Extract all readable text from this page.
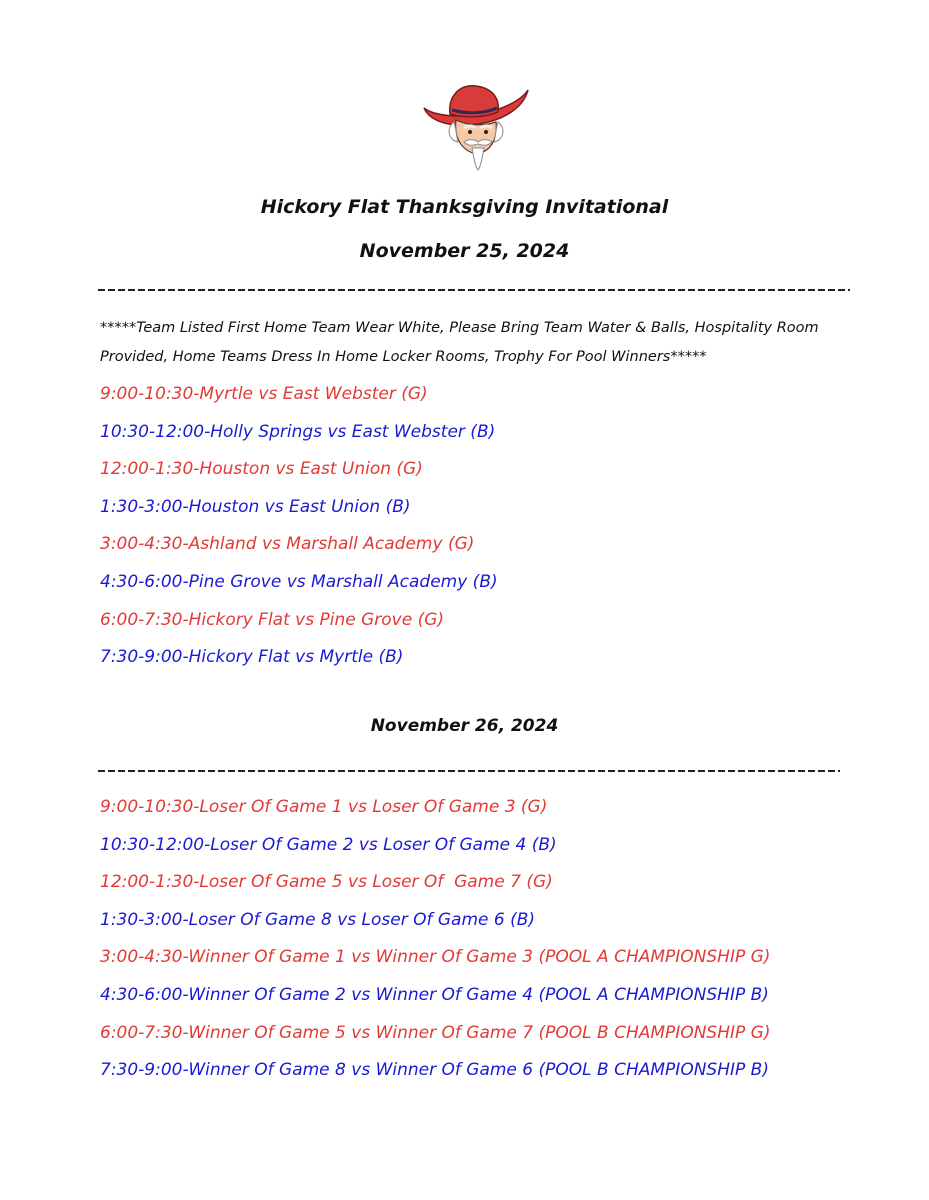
Hickory Flat Thanksgiving Invitational
November 25, 2024
*****Team Listed First Home Team Wear White, Please Bring Team Water & Balls, Hospitality Room Provided, Home Teams Dress In Home Locker Rooms, Trophy For Pool Winners*****
9:00-10:30-Myrtle vs East Webster (G)
10:30-12:00-Holly Springs vs East Webster (B)
12:00-1:30-Houston vs East Union (G)
1:30-3:00-Houston vs East Union (B)
3:00-4:30-Ashland vs Marshall Academy (G)
4:30-6:00-Pine Grove vs Marshall Academy (B)
6:00-7:30-Hickory Flat vs Pine Grove (G)
7:30-9:00-Hickory Flat vs Myrtle (B)
November 26, 2024
9:00-10:30-Loser Of Game 1 vs Loser Of Game 3 (G)
10:30-12:00-Loser Of Game 2 vs Loser Of Game 4 (B)
12:00-1:30-Loser Of Game 5 vs Loser Of  Game 7 (G)
1:30-3:00-Loser Of Game 8 vs Loser Of Game 6 (B)
3:00-4:30-Winner Of Game 1 vs Winner Of Game 3 (POOL A CHAMPIONSHIP G)
4:30-6:00-Winner Of Game 2 vs Winner Of Game 4 (POOL A CHAMPIONSHIP B)
6:00-7:30-Winner Of Game 5 vs Winner Of Game 7 (POOL B CHAMPIONSHIP G)
7:30-9:00-Winner Of Game 8 vs Winner Of Game 6 (POOL B CHAMPIONSHIP B)
